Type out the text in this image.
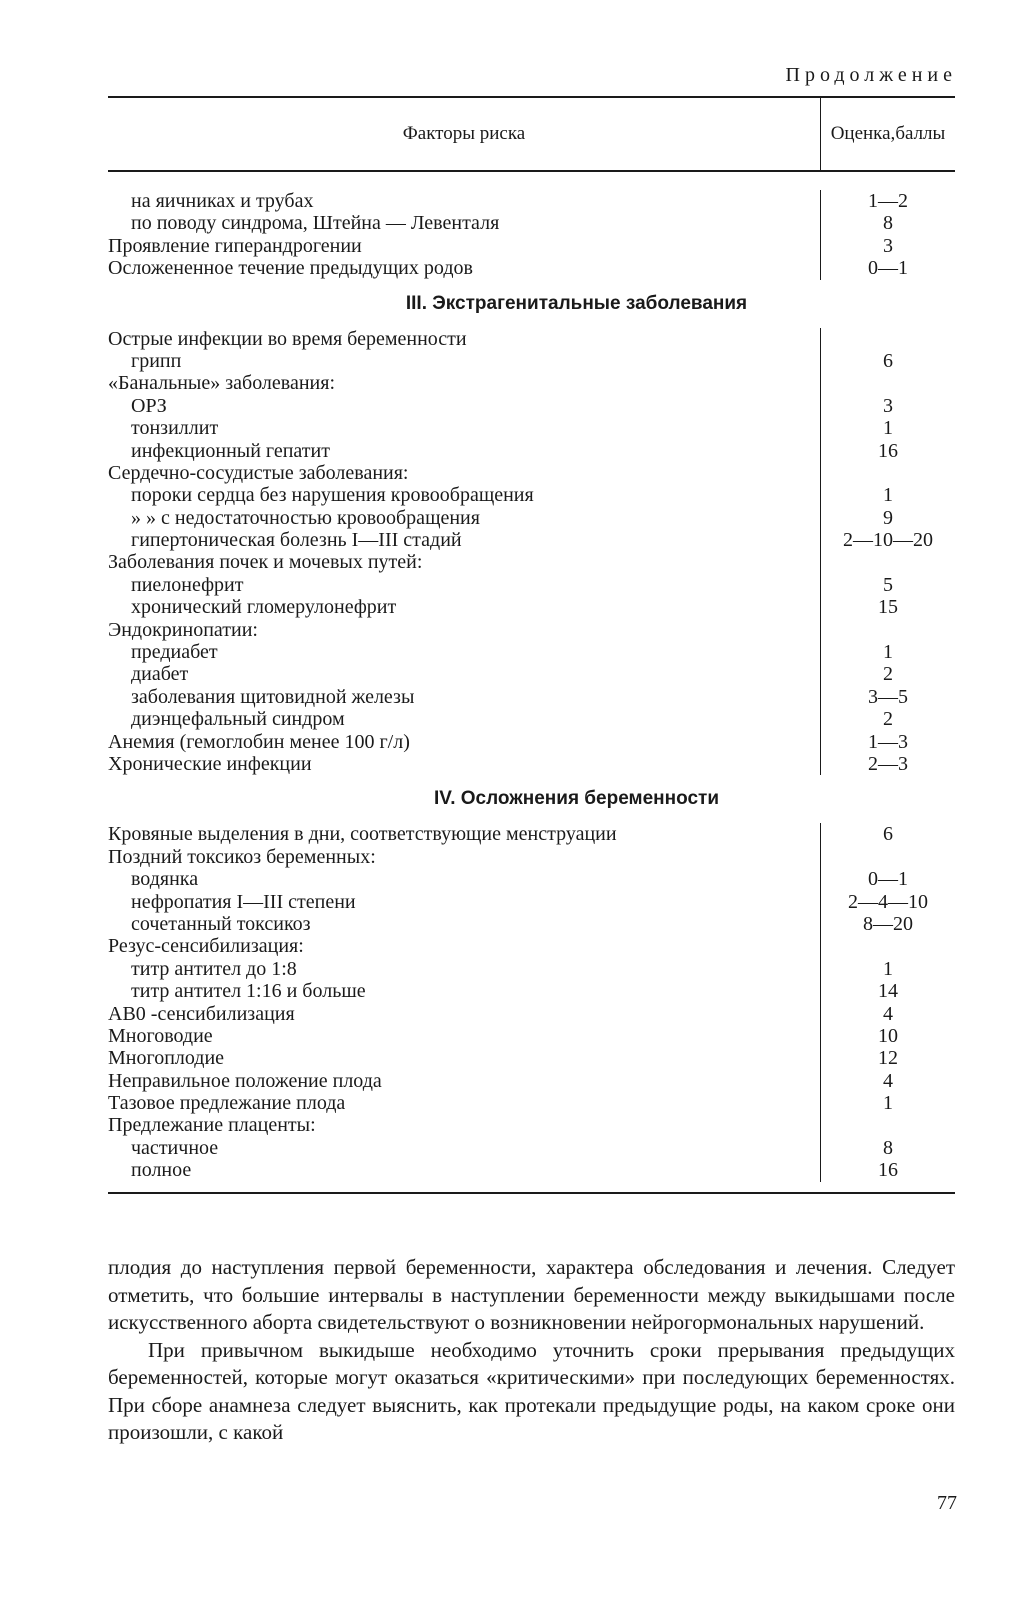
Продолжение
Факторы риска	Оценка, баллы
на яичниках и трубах	1—2
по поводу синдрома, Штейна — Левенталя	8
Проявление гиперандрогении	3
Осложененное течение предыдущих родов	0—1
III. Экстрагенитальные заболевания
Острые инфекции во время беременности
грипп	6
«Банальные» заболевания:
ОРЗ	3
тонзиллит	1
инфекционный гепатит	16
Сердечно-сосудистые заболевания:
пороки сердца без нарушения кровообращения	1
» » с недостаточностью кровообращения	9
гипертоническая болезнь I—III стадий	2—10—20
Заболевания почек и мочевых путей:
пиелонефрит	5
хронический гломерулонефрит	15
Эндокринопатии:
предиабет	1
диабет	2
заболевания щитовидной железы	3—5
диэнцефальный синдром	2
Анемия (гемоглобин менее 100 г/л)	1—3
Хронические инфекции	2—3
IV. Осложнения беременности
Кровяные выделения в дни, соответствующие менструации	6
Поздний токсикоз беременных:
водянка	0—1
нефропатия I—III степени	2—4—10
сочетанный токсикоз	8—20
Резус-сенсибилизация:
титр антител до 1:8	1
титр антител 1:16 и больше	14
АВ0 -сенсибилизация	4
Многоводие	10
Многоплодие	12
Неправильное положение плода	4
Тазовое предлежание плода	1
Предлежание плаценты:
частичное	8
полное	16

плодия до наступления первой беременности, характера обследования и лечения. Следует отметить, что большие интервалы в наступлении беременности между выкидышами после искусственного аборта свидетельствуют о возникновении нейрогормональных нарушений.

При привычном выкидыше необходимо уточнить сроки прерывания предыдущих беременностей, которые могут оказаться «критическими» при последующих беременностях. При сборе анамнеза следует выяснить, как протекали предыдущие роды, на каком сроке они произошли, с какой

77
